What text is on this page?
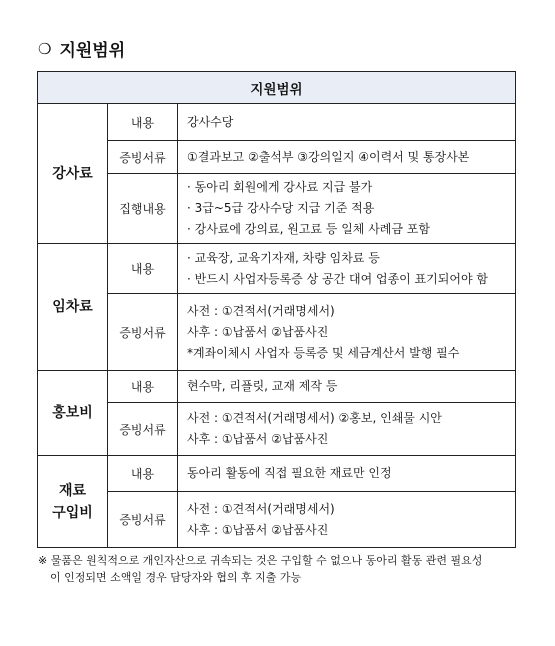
❍ 지원범위
지원범위		

강사료	내용	강사수당

	증빙서류	①결과보고 ②출석부 ③강의일지 ④이력서 및 통장사본

	집행내용	· 동아리 회원에게 강사료 지급 불가
· 3급~5급 강사수당 지급 기준 적용
· 강사료에 강의료, 원고료 등 일체 사례금 포함

임차료	내용	· 교육장, 교육기자재, 차량 임차료 등
· 반드시 사업자등록증 상 공간 대여 업종이 표기되어야 함

	증빙서류	사전 : ①견적서(거래명세서)
사후 : ①납품서 ②납품사진
*계좌이체시 사업자 등록증 및 세금계산서 발행 필수

홍보비	내용	현수막, 리플릿, 교재 제작 등

	증빙서류	사전 : ①견적서(거래명세서) ②홍보, 인쇄물 시안
사후 : ①납품서 ②납품사진

재료
구입비	내용	동아리 활동에 직접 필요한 재료만 인정

	증빙서류	사전 : ①견적서(거래명세서)
사후 : ①납품서 ②납품사진
※ 물품은 원칙적으로 개인자산으로 귀속되는 것은 구입할 수 없으나 동아리 활동 관련 필요성
이 인정되면 소액일 경우 담당자와 협의 후 지출 가능
